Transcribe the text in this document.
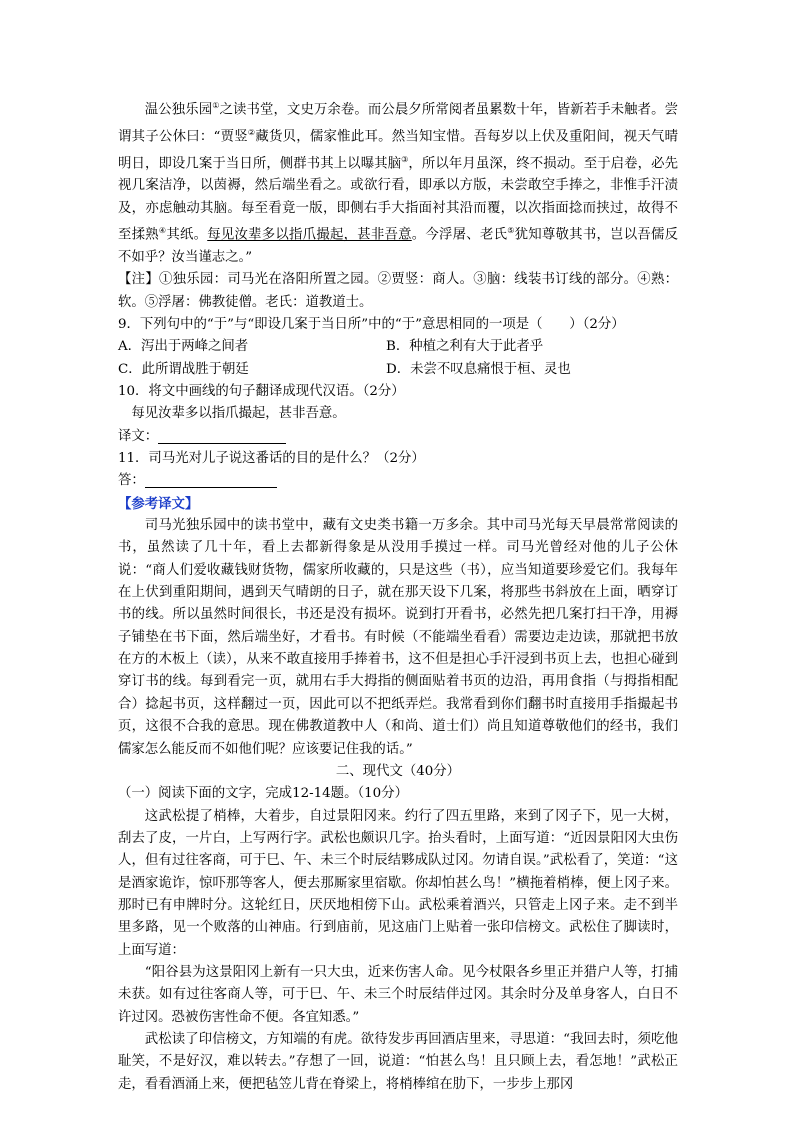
温公独乐园①之读书堂，文史万余卷。而公晨夕所常阅者虽累数十年，皆新若手未触者。尝谓其子公休曰：“贾竖②藏货贝，儒家惟此耳。然当知宝惜。吾每岁以上伏及重阳间，视天气晴明日，即设几案于当日所，侧群书其上以曝其脑③，所以年月虽深，终不损动。至于启卷，必先视几案洁净，以茵褥，然后端坐看之。或欲行看，即承以方版，未尝敢空手捧之，非惟手汗渍及，亦虑触动其脑。每至看竟一版，即侧右手大指面衬其沿而覆，以次指面捻而挟过，故得不至揉熟④其纸。每见汝辈多以指爪撮起，甚非吾意。今浮屠、老氏⑤犹知尊敬其书，岂以吾儒反不如乎？汝当谨志之。”

【注】①独乐园：司马光在洛阳所置之园。②贾竖：商人。③脑：线装书订线的部分。④熟：软。⑤浮屠：佛教徒僧。老氏：道教道士。

9．下列句中的“于”与“即设几案于当日所”中的“于”意思相同的一项是（　　）（2分）

A．泻出于两峰之间者	B．种植之利有大于此者乎
C．此所谓战胜于朝廷	D．未尝不叹息痛恨于桓、灵也

10．将文中画线的句子翻译成现代汉语。（2分）

每见汝辈多以指爪撮起，甚非吾意。

译文：

11．司马光对儿子说这番话的目的是什么？（2分）

答：

【参考译文】

司马光独乐园中的读书堂中，藏有文史类书籍一万多余。其中司马光每天早晨常常阅读的书，虽然读了几十年，看上去都新得象是从没用手摸过一样。司马光曾经对他的儿子公休说：“商人们爱收藏钱财货物，儒家所收藏的，只是这些（书），应当知道要珍爱它们。我每年在上伏到重阳期间，遇到天气晴朗的日子，就在那天设下几案，将那些书斜放在上面，晒穿订书的线。所以虽然时间很长，书还是没有损坏。说到打开看书，必然先把几案打扫干净，用褥子铺垫在书下面，然后端坐好，才看书。有时候（不能端坐看看）需要边走边读，那就把书放在方的木板上（读），从来不敢直接用手捧着书，这不但是担心手汗浸到书页上去，也担心碰到穿订书的线。每到看完一页，就用右手大拇指的侧面贴着书页的边沿，再用食指（与拇指相配合）捻起书页，这样翻过一页，因此可以不把纸弄烂。我常看到你们翻书时直接用手指撮起书页，这很不合我的意思。现在佛教道教中人（和尚、道士们）尚且知道尊敬他们的经书，我们儒家怎么能反而不如他们呢？应该要记住我的话。”

二、现代文（40分）

（一）阅读下面的文字，完成12-14题。（10分）

这武松提了梢棒，大着步，自过景阳冈来。约行了四五里路，来到了冈子下，见一大树，刮去了皮，一片白，上写两行字。武松也颇识几字。抬头看时，上面写道：“近因景阳冈大虫伤人，但有过往客商，可于巳、午、未三个时辰结夥成队过冈。勿请自误。”武松看了，笑道：“这是酒家诡诈，惊吓那等客人，便去那厮家里宿歇。你却怕甚么鸟！”横拖着梢棒，便上冈子来。那时已有申牌时分。这轮红日，厌厌地相傍下山。武松乘着酒兴，只管走上冈子来。走不到半里多路，见一个败落的山神庙。行到庙前，见这庙门上贴着一张印信榜文。武松住了脚读时，上面写道：

“阳谷县为这景阳冈上新有一只大虫，近来伤害人命。见今杖限各乡里正并猎户人等，打捕未获。如有过往客商人等，可于巳、午、未三个时辰结伴过冈。其余时分及单身客人，白日不许过冈。恐被伤害性命不便。各宜知悉。”

武松读了印信榜文，方知端的有虎。欲待发步再回酒店里来，寻思道：“我回去时，须吃他耻笑，不是好汉，难以转去。”存想了一回，说道：“怕甚么鸟！且只顾上去，看怎地！”武松正走，看看酒涌上来，便把毡笠儿背在脊梁上，将梢棒绾在肋下，一步步上那冈
